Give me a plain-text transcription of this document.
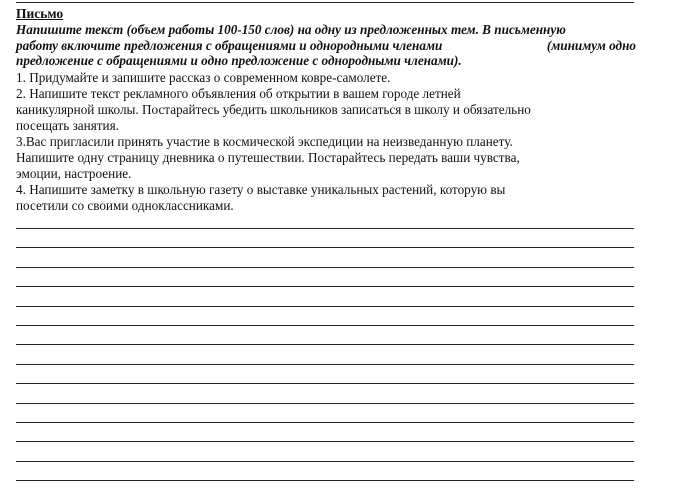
Письмо
Напишите текст (объем работы 100-150 слов) на одну из предложенных тем. В письменную
работу включите предложения с обращениями и однородными членами	(минимум одно
предложение с обращениями и одно предложение с однородными членами).
1. Придумайте и запишите рассказ о современном ковре-самолете.
2. Напишите текст рекламного объявления об открытии в вашем городе летней
каникулярной школы. Постарайтесь убедить школьников записаться в школу и обязательно
посещать занятия.
3.Вас пригласили принять участие в космической экспедиции на неизведанную планету.
Напишите одну страницу дневника о путешествии. Постарайтесь передать ваши чувства,
эмоции, настроение.
4. Напишите заметку в школьную газету о выставке уникальных растений, которую вы
посетили со своими одноклассниками.
